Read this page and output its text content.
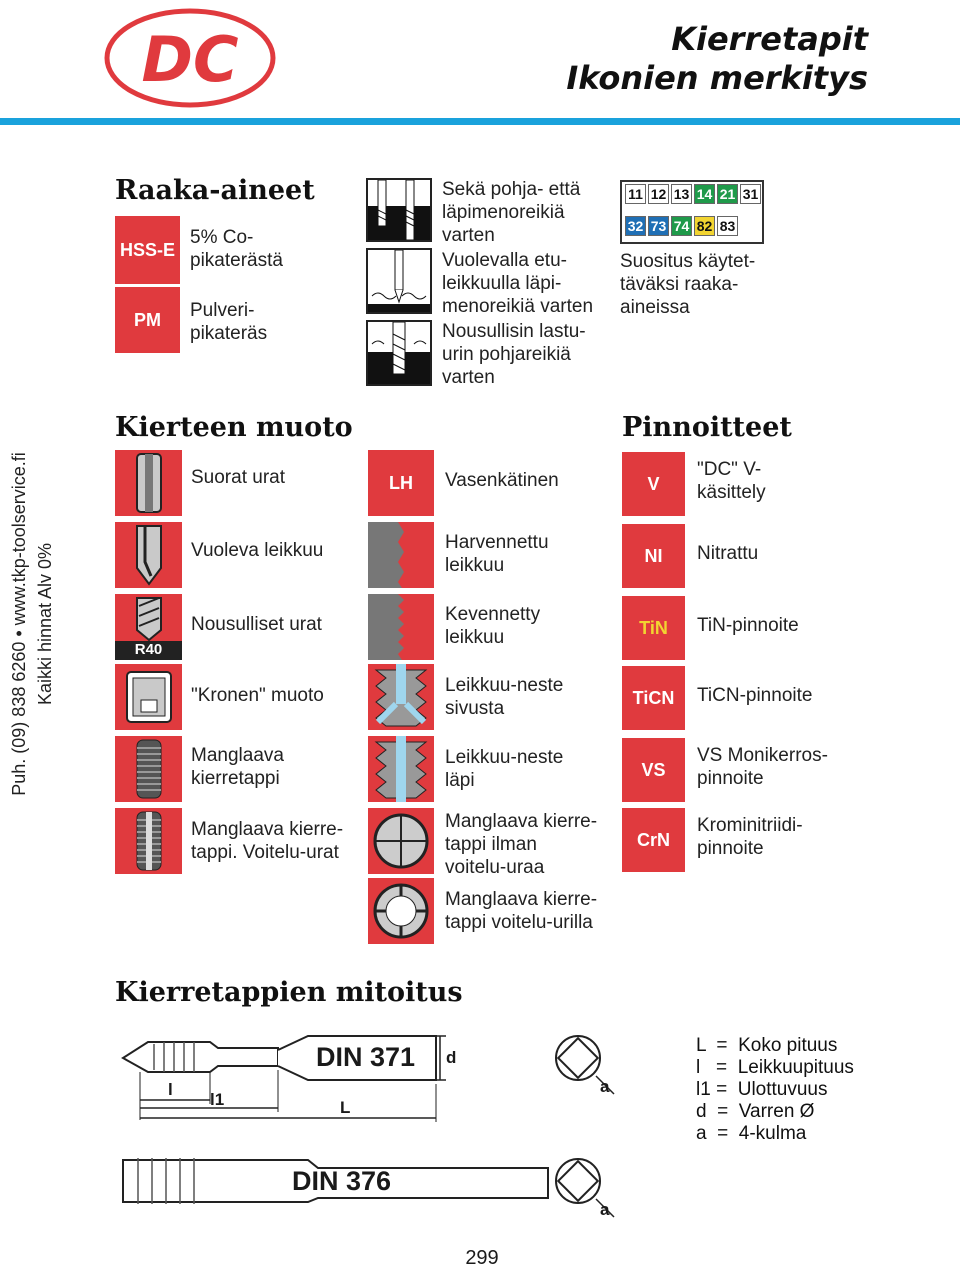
DC	Kierretapit
Ikonien merkitys
Puh. (09) 838 6260 • www.tkp-toolservice.fi Kaikki hinnat Alv 0%
Raaka-aineet
HSS-E
5% Co-
pikaterästä
PM	Pulveri-
pikateräs
Sekä pohja- että
läpimenoreikiä
varten
Vuolevalla etu-
leikkuulla läpi-
menoreikiä varten
Nousullisin lastu-
urin pohjareikiä
varten
11 12 13 14 21 31
32 73 74 82 83
Suositus käytet-
täväksi raaka-
aineissa
Kierteen muoto
Suorat urat
Vuoleva leikkuu
R40
Nousulliset urat
"Kronen" muoto
Manglaava
kierretappi
Manglaava kierre-
tappi. Voitelu-urat
LH	Vasenkätinen
Harvennettu
leikkuu
Kevennetty
leikkuu
Leikkuu-neste
sivusta
Leikkuu-neste
läpi
Manglaava kierre-
tappi ilman
voitelu-uraa
Manglaava kierre-
tappi voitelu-urilla
Pinnoitteet
V
"DC" V-
käsittely
NI	Nitrattu
TiN	TiN-pinnoite
TiCN	TiCN-pinnoite
VS
VS Monikerros-
pinnoite
CrN
Krominitriidi-
pinnoite
Kierretappien mitoitus
DIN 371 d
l
l1	L
a
DIN 376
a
L  =  Koko pituus
l   =  Leikkuupituus
l1 =  Ulottuvuus
d  =  Varren Ø
a  =  4-kulma
299
